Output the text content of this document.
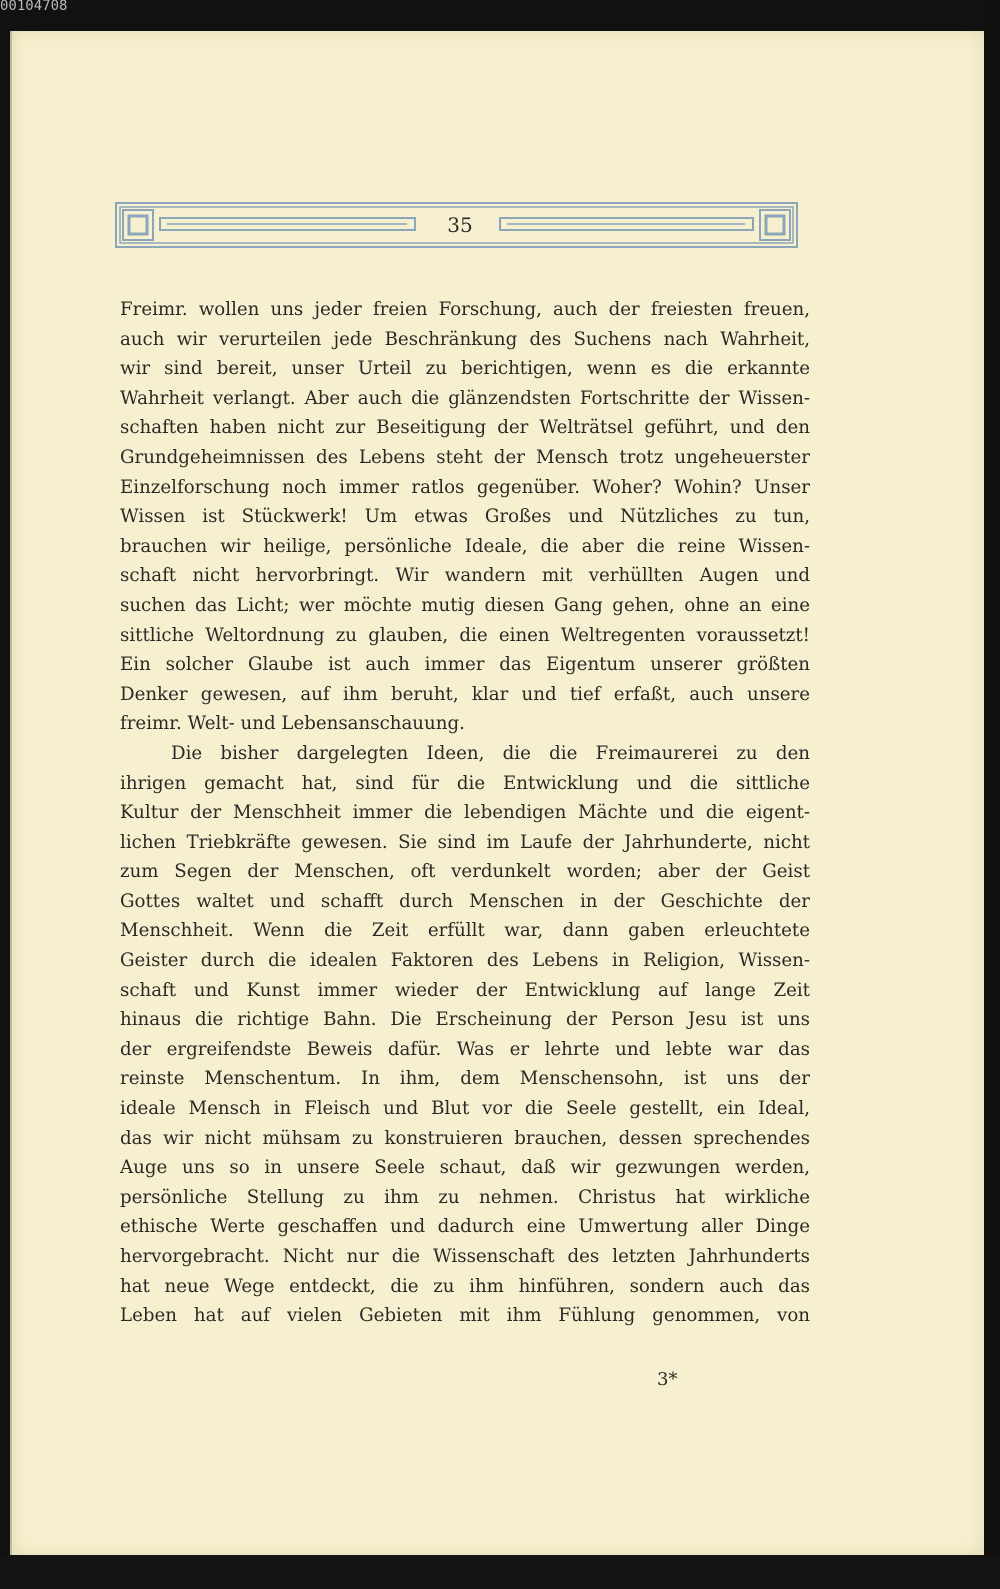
00104708
35
Freimr. wollen uns jeder freien Forschung, auch der freiesten freuen,
auch wir verurteilen jede Beschränkung des Suchens nach Wahrheit,
wir sind bereit, unser Urteil zu berichtigen, wenn es die erkannte
Wahrheit verlangt. Aber auch die glänzendsten Fortschritte der Wissen-
schaften haben nicht zur Beseitigung der Welträtsel geführt, und den
Grundgeheimnissen des Lebens steht der Mensch trotz ungeheuerster
Einzelforschung noch immer ratlos gegenüber. Woher? Wohin? Unser
Wissen ist Stückwerk! Um etwas Großes und Nützliches zu tun,
brauchen wir heilige, persönliche Ideale, die aber die reine Wissen-
schaft nicht hervorbringt. Wir wandern mit verhüllten Augen und
suchen das Licht; wer möchte mutig diesen Gang gehen, ohne an eine
sittliche Weltordnung zu glauben, die einen Weltregenten voraussetzt!
Ein solcher Glaube ist auch immer das Eigentum unserer größten
Denker gewesen, auf ihm beruht, klar und tief erfaßt, auch unsere
freimr. Welt- und Lebensanschauung.
Die bisher dargelegten Ideen, die die Freimaurerei zu den
ihrigen gemacht hat, sind für die Entwicklung und die sittliche
Kultur der Menschheit immer die lebendigen Mächte und die eigent-
lichen Triebkräfte gewesen. Sie sind im Laufe der Jahrhunderte, nicht
zum Segen der Menschen, oft verdunkelt worden; aber der Geist
Gottes waltet und schafft durch Menschen in der Geschichte der
Menschheit. Wenn die Zeit erfüllt war, dann gaben erleuchtete
Geister durch die idealen Faktoren des Lebens in Religion, Wissen-
schaft und Kunst immer wieder der Entwicklung auf lange Zeit
hinaus die richtige Bahn. Die Erscheinung der Person Jesu ist uns
der ergreifendste Beweis dafür. Was er lehrte und lebte war das
reinste Menschentum. In ihm, dem Menschensohn, ist uns der
ideale Mensch in Fleisch und Blut vor die Seele gestellt, ein Ideal,
das wir nicht mühsam zu konstruieren brauchen, dessen sprechendes
Auge uns so in unsere Seele schaut, daß wir gezwungen werden,
persönliche Stellung zu ihm zu nehmen. Christus hat wirkliche
ethische Werte geschaffen und dadurch eine Umwertung aller Dinge
hervorgebracht. Nicht nur die Wissenschaft des letzten Jahrhunderts
hat neue Wege entdeckt, die zu ihm hinführen, sondern auch das
Leben hat auf vielen Gebieten mit ihm Fühlung genommen, von
3*
